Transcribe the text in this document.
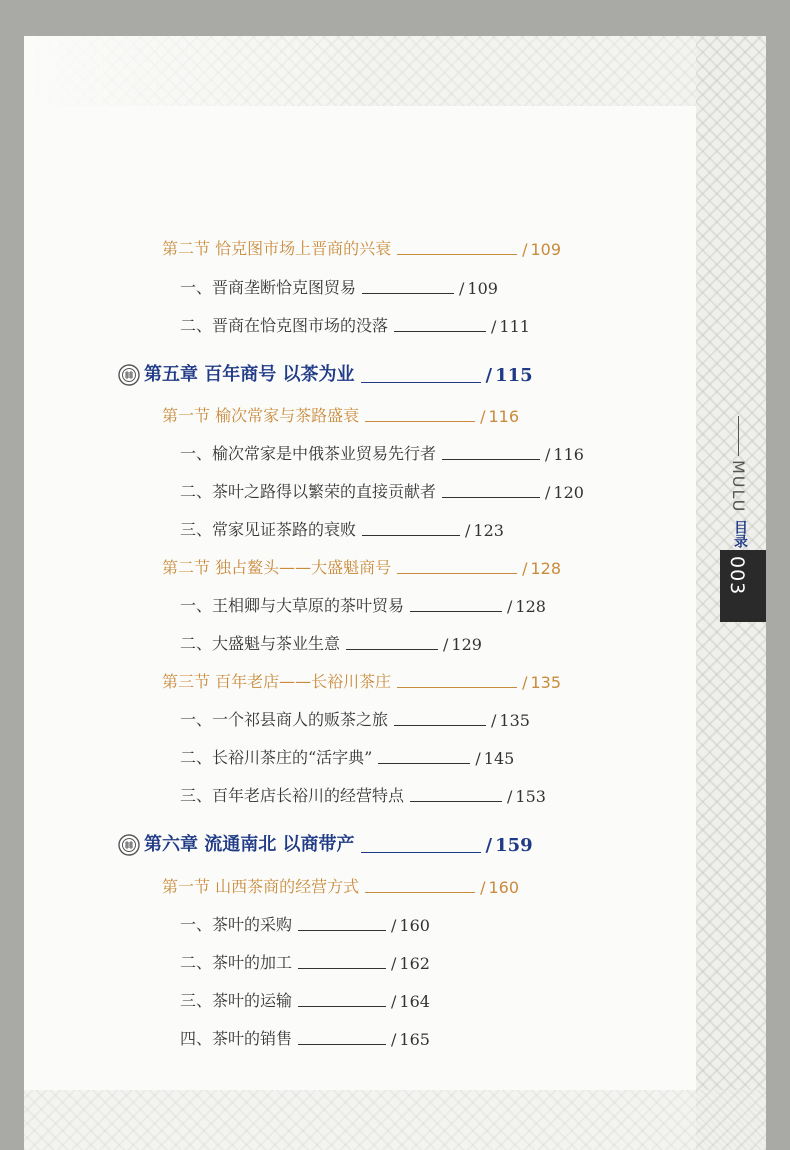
MULU
目录
003
第二节 恰克图市场上晋商的兴衰	/ 109
一、晋商垄断恰克图贸易	/ 109
二、晋商在恰克图市场的没落	/ 111
第五章 百年商号 以茶为业	/ 115
第一节 榆次常家与茶路盛衰	/ 116
一、榆次常家是中俄茶业贸易先行者	/ 116
二、茶叶之路得以繁荣的直接贡献者	/ 120
三、常家见证茶路的衰败	/ 123
第二节 独占鳌头——大盛魁商号	/ 128
一、王相卿与大草原的茶叶贸易	/ 128
二、大盛魁与茶业生意	/ 129
第三节 百年老店——长裕川茶庄	/ 135
一、一个祁县商人的贩茶之旅	/ 135
二、长裕川茶庄的“活字典”	/ 145
三、百年老店长裕川的经营特点	/ 153
第六章 流通南北 以商带产	/ 159
第一节 山西茶商的经营方式	/ 160
一、茶叶的采购	/ 160
二、茶叶的加工	/ 162
三、茶叶的运输	/ 164
四、茶叶的销售	/ 165
